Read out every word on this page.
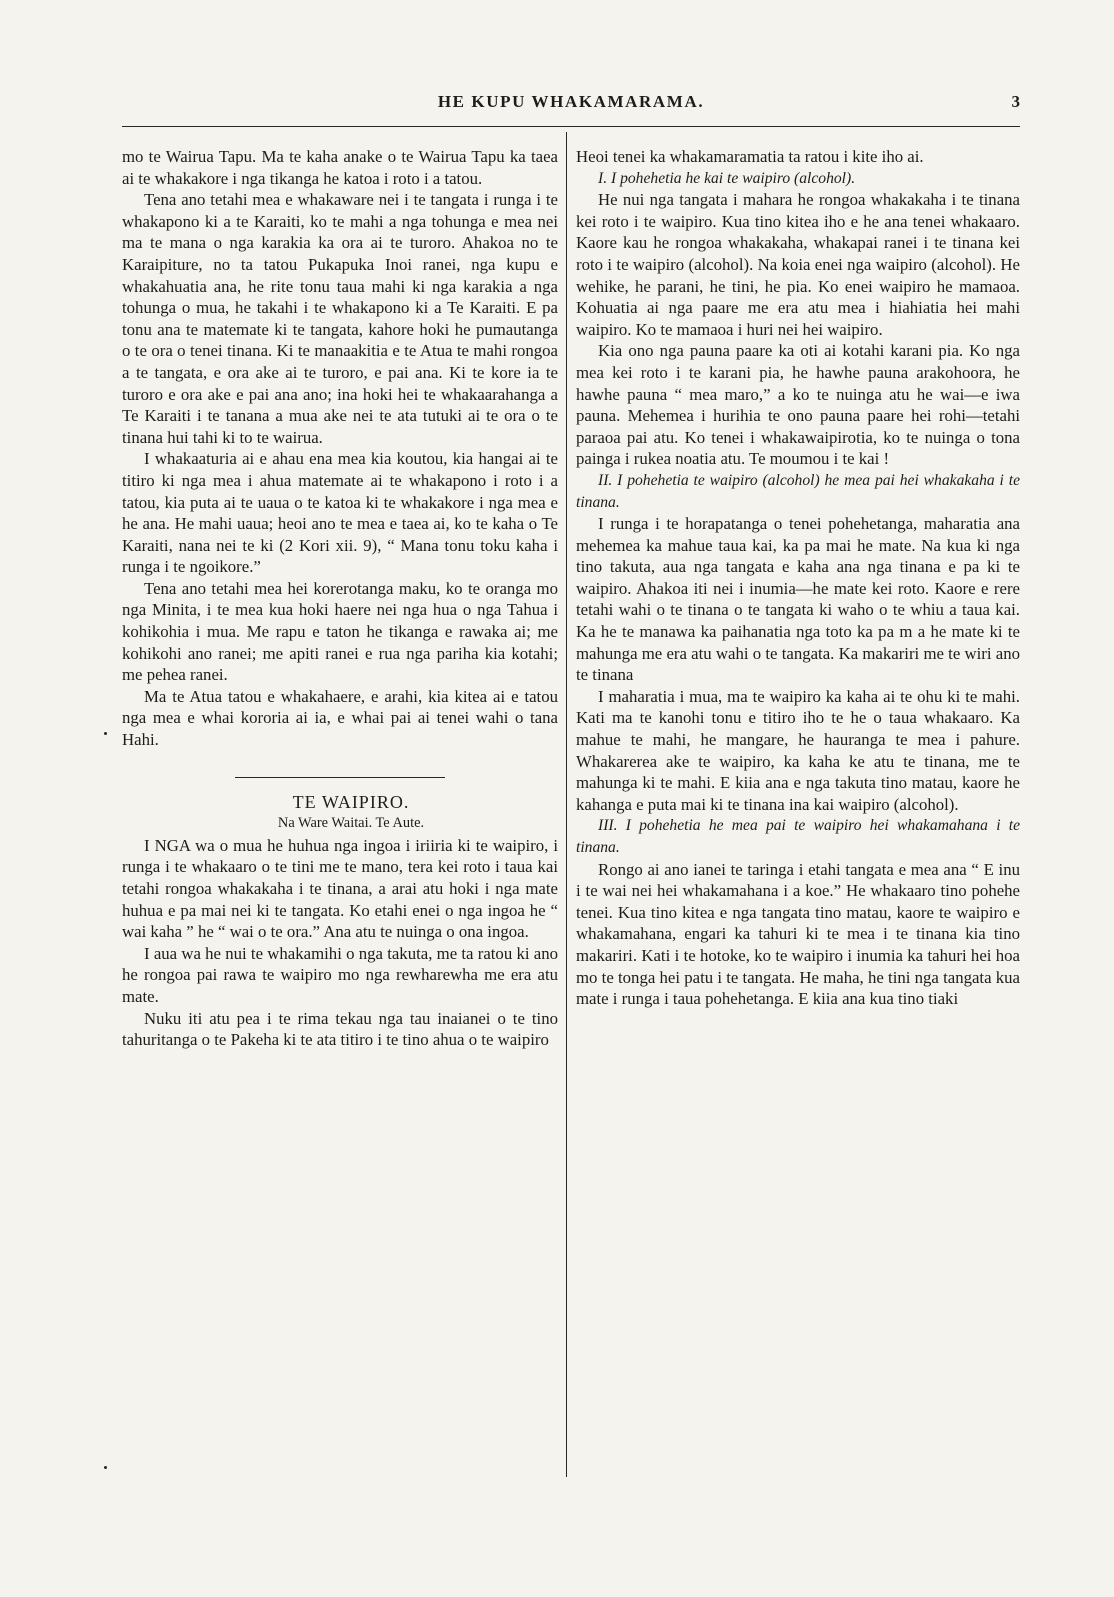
HE KUPU WHAKAMARAMA.	3

mo te Wairua Tapu. Ma te kaha anake o te Wairua Tapu ka taea ai te whakakore i nga tikanga he katoa i roto i a tatou.

Tena ano tetahi mea e whakaware nei i te tangata i runga i te whakapono ki a te Karaiti, ko te mahi a nga tohunga e mea nei ma te mana o nga karakia ka ora ai te turoro. Ahakoa no te Karaipiture, no ta tatou Pukapuka Inoi ranei, nga kupu e whakahuatia ana, he rite tonu taua mahi ki nga karakia a nga tohunga o mua, he takahi i te whakapono ki a Te Karaiti. E pa tonu ana te matemate ki te tangata, kahore hoki he pumautanga o te ora o tenei tinana. Ki te manaakitia e te Atua te mahi rongoa a te tangata, e ora ake ai te turoro, e pai ana. Ki te kore ia te turoro e ora ake e pai ana ano; ina hoki hei te whakaarahanga a Te Karaiti i te tanana a mua ake nei te ata tutuki ai te ora o te tinana hui tahi ki to te wairua.

I whakaaturia ai e ahau ena mea kia koutou, kia hangai ai te titiro ki nga mea i ahua matemate ai te whakapono i roto i a tatou, kia puta ai te uaua o te katoa ki te whakakore i nga mea e he ana. He mahi uaua; heoi ano te mea e taea ai, ko te kaha o Te Karaiti, nana nei te ki (2 Kori xii. 9), “ Mana tonu toku kaha i runga i te ngoikore.”

Tena ano tetahi mea hei korerotanga maku, ko te oranga mo nga Minita, i te mea kua hoki haere nei nga hua o nga Tahua i kohikohia i mua. Me rapu e taton he tikanga e rawaka ai; me kohikohi ano ranei; me apiti ranei e rua nga pariha kia kotahi; me pehea ranei.

Ma te Atua tatou e whakahaere, e arahi, kia kitea ai e tatou nga mea e whai kororia ai ia, e whai pai ai tenei wahi o tana Hahi.

TE WAIPIRO.

Na Ware Waitai. Te Aute.

I NGA wa o mua he huhua nga ingoa i iriiria ki te waipiro, i runga i te whakaaro o te tini me te mano, tera kei roto i taua kai tetahi rongoa whakakaha i te tinana, a arai atu hoki i nga mate huhua e pa mai nei ki te tangata. Ko etahi enei o nga ingoa he “ wai kaha ” he “ wai o te ora.” Ana atu te nuinga o ona ingoa.

I aua wa he nui te whakamihi o nga takuta, me ta ratou ki ano he rongoa pai rawa te waipiro mo nga rewharewha me era atu mate.

Nuku iti atu pea i te rima tekau nga tau inaianei o te tino tahuritanga o te Pakeha ki te ata titiro i te tino ahua o te waipiro

Heoi tenei ka whakamaramatia ta ratou i kite iho ai.

I. I pohehetia he kai te waipiro (alcohol).

He nui nga tangata i mahara he rongoa whakakaha i te tinana kei roto i te waipiro. Kua tino kitea iho e he ana tenei whakaaro. Kaore kau he rongoa whakakaha, whakapai ranei i te tinana kei roto i te waipiro (alcohol). Na koia enei nga waipiro (alcohol). He wehike, he parani, he tini, he pia. Ko enei waipiro he mamaoa. Kohuatia ai nga paare me era atu mea i hiahiatia hei mahi waipiro. Ko te mamaoa i huri nei hei waipiro.

Kia ono nga pauna paare ka oti ai kotahi karani pia. Ko nga mea kei roto i te karani pia, he hawhe pauna arakohoora, he hawhe pauna “ mea maro,” a ko te nuinga atu he wai—e iwa pauna. Mehemea i hurihia te ono pauna paare hei rohi—tetahi paraoa pai atu. Ko tenei i whakawaipirotia, ko te nuinga o tona painga i rukea noatia atu. Te moumou i te kai !

II. I pohehetia te waipiro (alcohol) he mea pai hei whakakaha i te tinana.

I runga i te horapatanga o tenei pohehetanga, maharatia ana mehemea ka mahue taua kai, ka pa mai he mate. Na kua ki nga tino takuta, aua nga tangata e kaha ana nga tinana e pa ki te waipiro. Ahakoa iti nei i inumia—he mate kei roto. Kaore e rere tetahi wahi o te tinana o te tangata ki waho o te whiu a taua kai. Ka he te manawa ka paihanatia nga toto ka pa m a he mate ki te mahunga me era atu wahi o te tangata. Ka makariri me te wiri ano te tinana

I maharatia i mua, ma te waipiro ka kaha ai te ohu ki te mahi. Kati ma te kanohi tonu e titiro iho te he o taua whakaaro. Ka mahue te mahi, he mangare, he hauranga te mea i pahure. Whakarerea ake te waipiro, ka kaha ke atu te tinana, me te mahunga ki te mahi. E kiia ana e nga takuta tino matau, kaore he kahanga e puta mai ki te tinana ina kai waipiro (alcohol).

III. I pohehetia he mea pai te waipiro hei whakamahana i te tinana.

Rongo ai ano ianei te taringa i etahi tangata e mea ana “ E inu i te wai nei hei whakamahana i a koe.” He whakaaro tino pohehe tenei. Kua tino kitea e nga tangata tino matau, kaore te waipiro e whakamahana, engari ka tahuri ki te mea i te tinana kia tino makariri. Kati i te hotoke, ko te waipiro i inumia ka tahuri hei hoa mo te tonga hei patu i te tangata. He maha, he tini nga tangata kua mate i runga i taua pohehetanga. E kiia ana kua tino tiaki
